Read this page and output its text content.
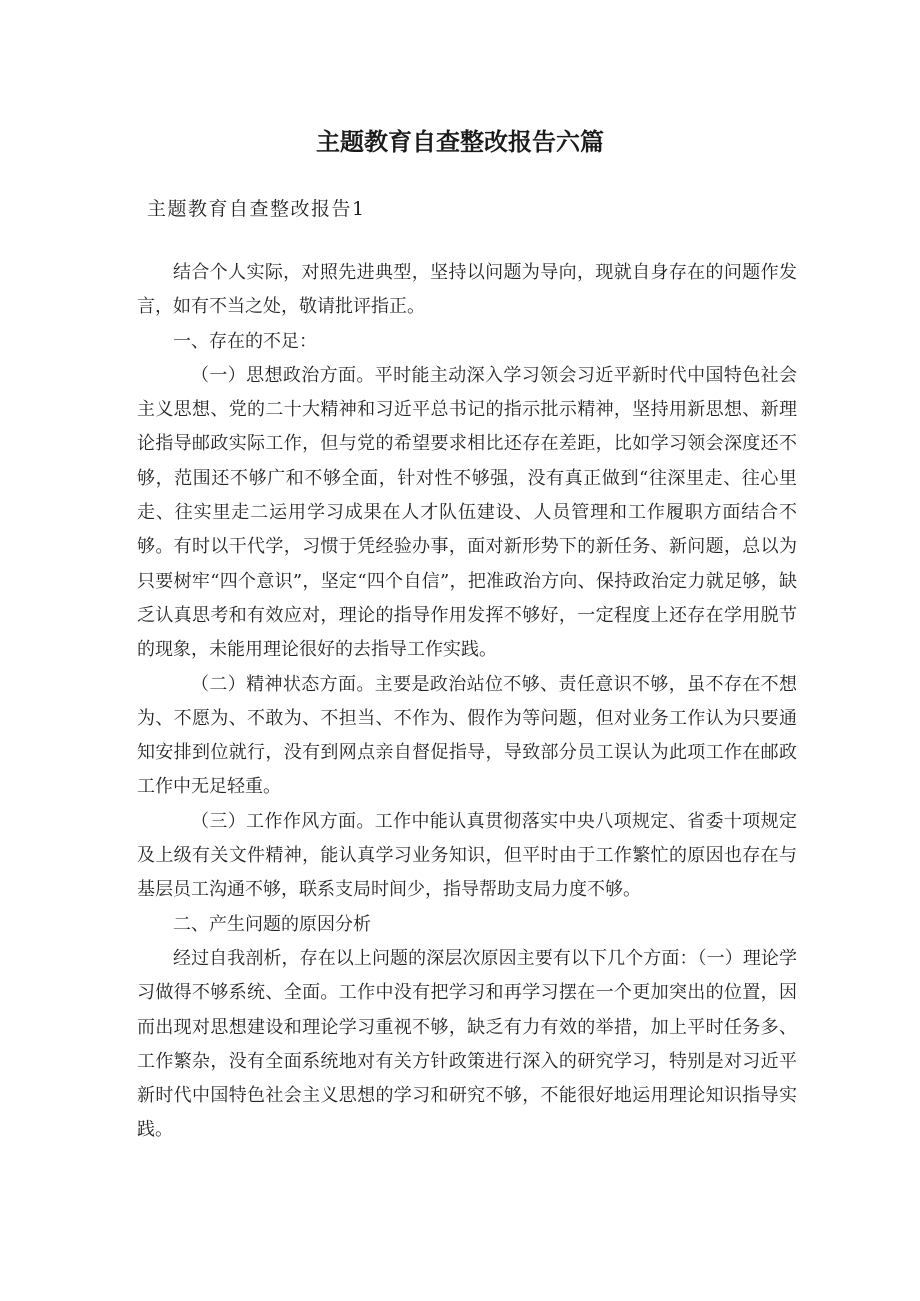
主题教育自查整改报告六篇

主题教育自查整改报告1

结合个人实际，对照先进典型，坚持以问题为导向，现就自身存在的问题作发言，如有不当之处，敬请批评指正。

一、存在的不足：

（一）思想政治方面。平时能主动深入学习领会习近平新时代中国特色社会主义思想、党的二十大精神和习近平总书记的指示批示精神，坚持用新思想、新理论指导邮政实际工作，但与党的希望要求相比还存在差距，比如学习领会深度还不够，范围还不够广和不够全面，针对性不够强，没有真正做到“往深里走、往心里走、往实里走二运用学习成果在人才队伍建设、人员管理和工作履职方面结合不够。有时以干代学，习惯于凭经验办事，面对新形势下的新任务、新问题，总以为只要树牢“四个意识”，坚定“四个自信”，把准政治方向、保持政治定力就足够，缺乏认真思考和有效应对，理论的指导作用发挥不够好，一定程度上还存在学用脱节的现象，未能用理论很好的去指导工作实践。

（二）精神状态方面。主要是政治站位不够、责任意识不够，虽不存在不想为、不愿为、不敢为、不担当、不作为、假作为等问题，但对业务工作认为只要通知安排到位就行，没有到网点亲自督促指导，导致部分员工误认为此项工作在邮政工作中无足轻重。

（三）工作作风方面。工作中能认真贯彻落实中央八项规定、省委十项规定及上级有关文件精神，能认真学习业务知识，但平时由于工作繁忙的原因也存在与基层员工沟通不够，联系支局时间少，指导帮助支局力度不够。

二、产生问题的原因分析

经过自我剖析，存在以上问题的深层次原因主要有以下几个方面：（一）理论学习做得不够系统、全面。工作中没有把学习和再学习摆在一个更加突出的位置，因而出现对思想建设和理论学习重视不够，缺乏有力有效的举措，加上平时任务多、工作繁杂，没有全面系统地对有关方针政策进行深入的研究学习，特别是对习近平新时代中国特色社会主义思想的学习和研究不够，不能很好地运用理论知识指导实践。
